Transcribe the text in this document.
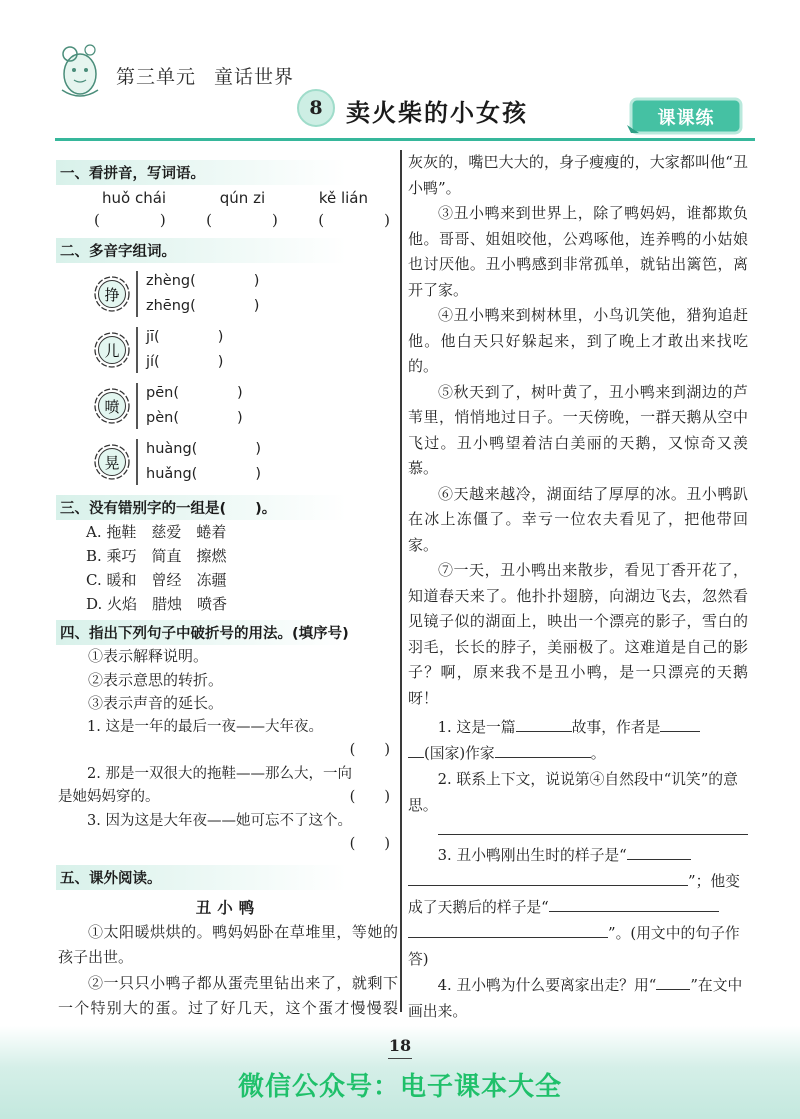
第三单元 童话世界
8 卖火柴的小女孩	课课练
一、看拼音，写词语。
huǒ chái	qún zi	kě lián
(　　　　)	(　　　　)	(　　　　)
二、多音字组词。
挣
zhèng(　　　　)
zhēng(　　　　)
儿
jī(　　　　)
jí(　　　　)
喷
pēn(　　　　)
pèn(　　　　)
晃
huàng(　　　　)
huǎng(　　　　)
三、没有错别字的一组是(　　)。
A. 拖鞋　慈爱　蜷着
B. 乘巧　简直　擦燃
C. 暖和　曾经　冻疆
D. 火焰　腊烛　喷香
四、指出下列句子中破折号的用法。(填序号)
①表示解释说明。
②表示意思的转折。
③表示声音的延长。
1. 这是一年的最后一夜——大年夜。
(　　)
2. 那是一双很大的拖鞋——那么大，一向
是她妈妈穿的。	(　　)
3. 因为这是大年夜——她可忘不了这个。
(　　)
五、课外阅读。
丑小鸭
①太阳暖烘烘的。鸭妈妈卧在草堆里，等她的孩子出世。
②一只只小鸭子都从蛋壳里钻出来了，就剩下一个特别大的蛋。过了好几天，这个蛋才慢慢裂
灰灰的，嘴巴大大的，身子瘦瘦的，大家都叫他“丑小鸭”。
③丑小鸭来到世界上，除了鸭妈妈，谁都欺负他。哥哥、姐姐咬他，公鸡啄他，连养鸭的小姑娘也讨厌他。丑小鸭感到非常孤单，就钻出篱笆，离开了家。
④丑小鸭来到树林里，小鸟讥笑他，猎狗追赶他。他白天只好躲起来，到了晚上才敢出来找吃的。
⑤秋天到了，树叶黄了，丑小鸭来到湖边的芦苇里，悄悄地过日子。一天傍晚，一群天鹅从空中飞过。丑小鸭望着洁白美丽的天鹅，又惊奇又羡慕。
⑥天越来越冷，湖面结了厚厚的冰。丑小鸭趴在冰上冻僵了。幸亏一位农夫看见了，把他带回家。
⑦一天，丑小鸭出来散步，看见丁香开花了，知道春天来了。他扑扑翅膀，向湖边飞去，忽然看见镜子似的湖面上，映出一个漂亮的影子，雪白的羽毛，长长的脖子，美丽极了。这难道是自己的影子？啊，原来我不是丑小鸭，是一只漂亮的天鹅呀！
1. 这是一篇	故事，作者是
(国家)作家	。
2. 联系上下文，说说第④自然段中“讥笑”的意思。
3. 丑小鸭刚出生时的样子是“
”；他变
成了天鹅后的样子是“
”。(用文中的句子作答)
4. 丑小鸭为什么要离家出走？用“ ”在文中画出来。
18
微信公众号：电子课本大全
